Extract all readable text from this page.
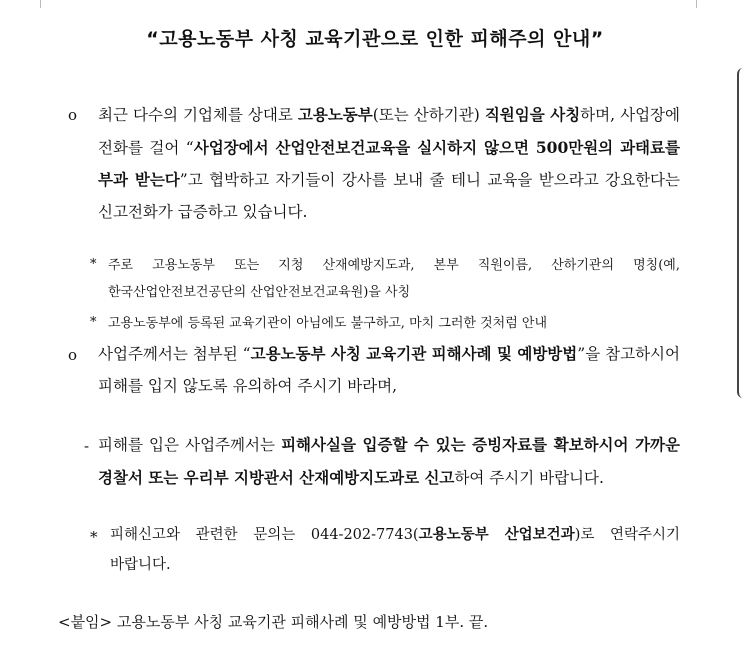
“고용노동부 사칭 교육기관으로 인한 피해주의 안내”
ο 최근 다수의 기업체를 상대로 고용노동부(또는 산하기관) 직원임을 사칭하며, 사업장에 전화를 걸어 “사업장에서 산업안전보건교육을 실시하지 않으면 500만원의 과태료를 부과 받는다”고 협박하고 자기들이 강사를 보내 줄 테니 교육을 받으라고 강요한다는 신고전화가 급증하고 있습니다.
* 주로 고용노동부 또는 지청 산재예방지도과, 본부 직원이름, 산하기관의 명칭(예, 한국산업안전보건공단의 산업안전보건교육원)을 사칭
* 고용노동부에 등록된 교육기관이 아님에도 불구하고, 마치 그러한 것처럼 안내
ο 사업주께서는 첨부된 “고용노동부 사칭 교육기관 피해사례 및 예방방법”을 참고하시어 피해를 입지 않도록 유의하여 주시기 바라며,
- 피해를 입은 사업주께서는 피해사실을 입증할 수 있는 증빙자료를 확보하시어 가까운 경찰서 또는 우리부 지방관서 산재예방지도과로 신고하여 주시기 바랍니다.
* 피해신고와 관련한 문의는 044-202-7743(고용노동부 산업보건과)로 연락주시기 바랍니다.
<붙임> 고용노동부 사칭 교육기관 피해사례 및 예방방법 1부. 끝.
